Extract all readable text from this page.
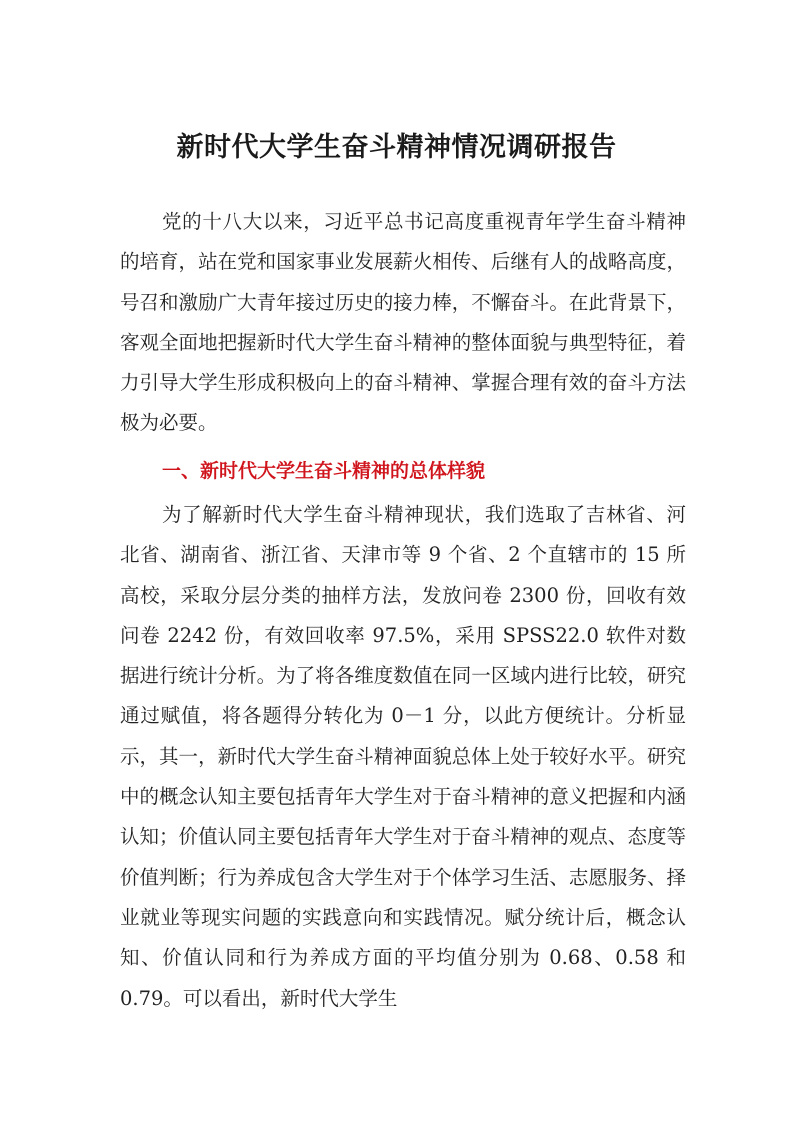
新时代大学生奋斗精神情况调研报告

党的十八大以来，习近平总书记高度重视青年学生奋斗精神的培育，站在党和国家事业发展薪火相传、后继有人的战略高度，号召和激励广大青年接过历史的接力棒，不懈奋斗。在此背景下，客观全面地把握新时代大学生奋斗精神的整体面貌与典型特征，着力引导大学生形成积极向上的奋斗精神、掌握合理有效的奋斗方法极为必要。

一、新时代大学生奋斗精神的总体样貌

为了解新时代大学生奋斗精神现状，我们选取了吉林省、河北省、湖南省、浙江省、天津市等 9 个省、2 个直辖市的 15 所高校，采取分层分类的抽样方法，发放问卷 2300 份，回收有效问卷 2242 份，有效回收率 97.5%，采用 SPSS22.0 软件对数据进行统计分析。为了将各维度数值在同一区域内进行比较，研究通过赋值，将各题得分转化为 0－1 分，以此方便统计。分析显示，其一，新时代大学生奋斗精神面貌总体上处于较好水平。研究中的概念认知主要包括青年大学生对于奋斗精神的意义把握和内涵认知；价值认同主要包括青年大学生对于奋斗精神的观点、态度等价值判断；行为养成包含大学生对于个体学习生活、志愿服务、择业就业等现实问题的实践意向和实践情况。赋分统计后，概念认知、价值认同和行为养成方面的平均值分别为 0.68、0.58 和 0.79。可以看出，新时代大学生
